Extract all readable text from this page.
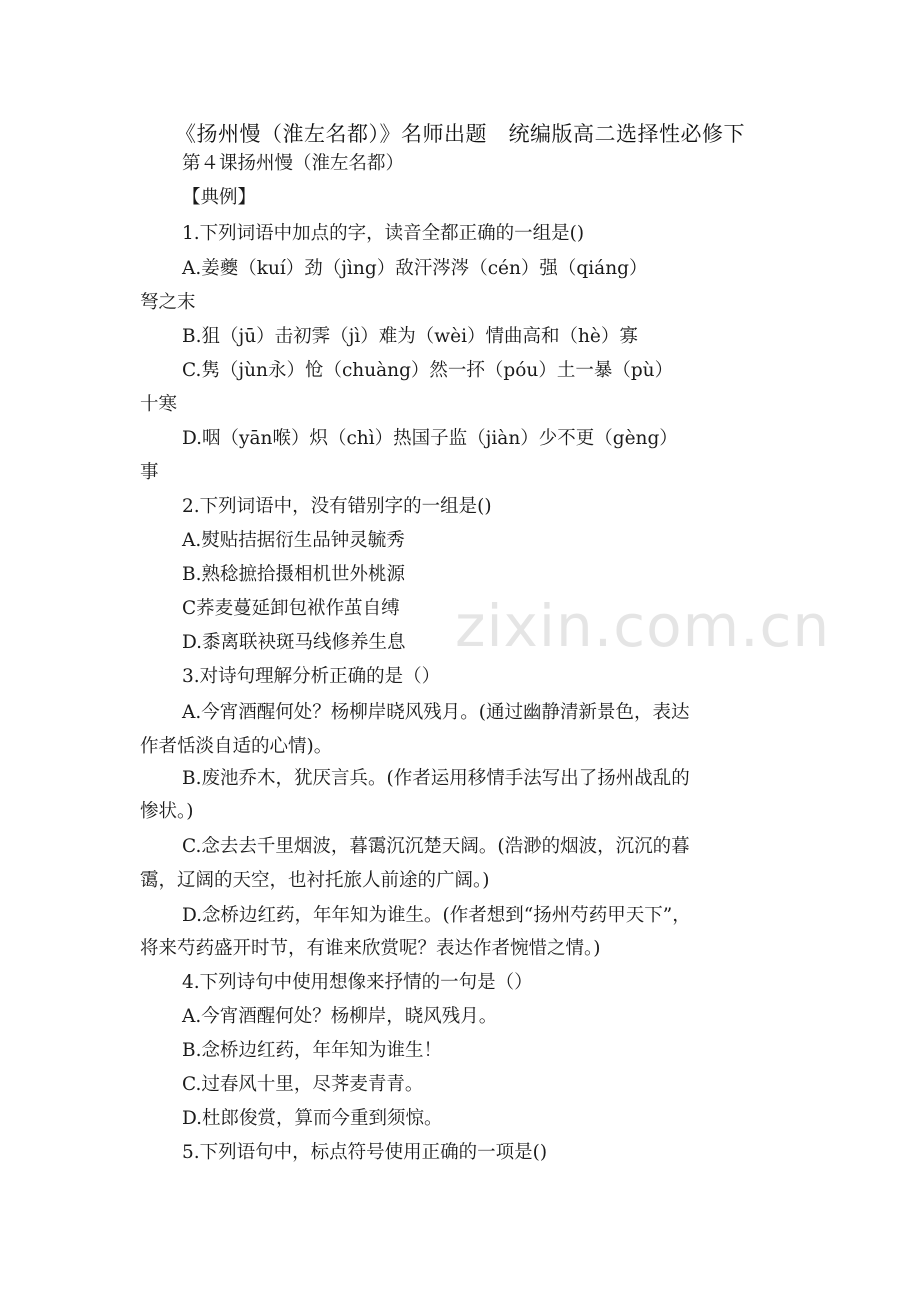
《扬州慢（淮左名都）》名师出题　统编版高二选择性必修下
第４课扬州慢（淮左名都）
【典例】
1.下列词语中加点的字，读音全都正确的一组是()
A.姜夔（kuí）劲（jìng）敌汗涔涔（cén）强（qiáng）
弩之末
B.狙（jū）击初霁（jì）难为（wèi）情曲高和（hè）寡
C.隽（jùn永）怆（chuàng）然一抔（póu）土一暴（pù）
十寒
D.咽（yān喉）炽（chì）热国子监（jiàn）少不更（gèng）
事
2.下列词语中，没有错别字的一组是()
A.熨贴拮据衍生品钟灵毓秀
B.熟稔摭拾摄相机世外桃源
C荞麦蔓延卸包袱作茧自缚
D.黍离联袂斑马线修养生息
3.对诗句理解分析正确的是（）
A.今宵酒醒何处？杨柳岸晓风残月。(通过幽静清新景色，表达
作者恬淡自适的心情)。
B.废池乔木，犹厌言兵。(作者运用移情手法写出了扬州战乱的
惨状。)
C.念去去千里烟波，暮霭沉沉楚天阔。(浩渺的烟波，沉沉的暮
霭，辽阔的天空，也衬托旅人前途的广阔。)
D.念桥边红药，年年知为谁生。(作者想到“扬州芍药甲天下”，
将来芍药盛开时节，有谁来欣赏呢？表达作者惋惜之情。)
4.下列诗句中使用想像来抒情的一句是（）
A.今宵酒醒何处？杨柳岸，晓风残月。
B.念桥边红药，年年知为谁生！
C.过春风十里，尽荠麦青青。
D.杜郎俊赏，算而今重到须惊。
5.下列语句中，标点符号使用正确的一项是()
zixin.com.cn
